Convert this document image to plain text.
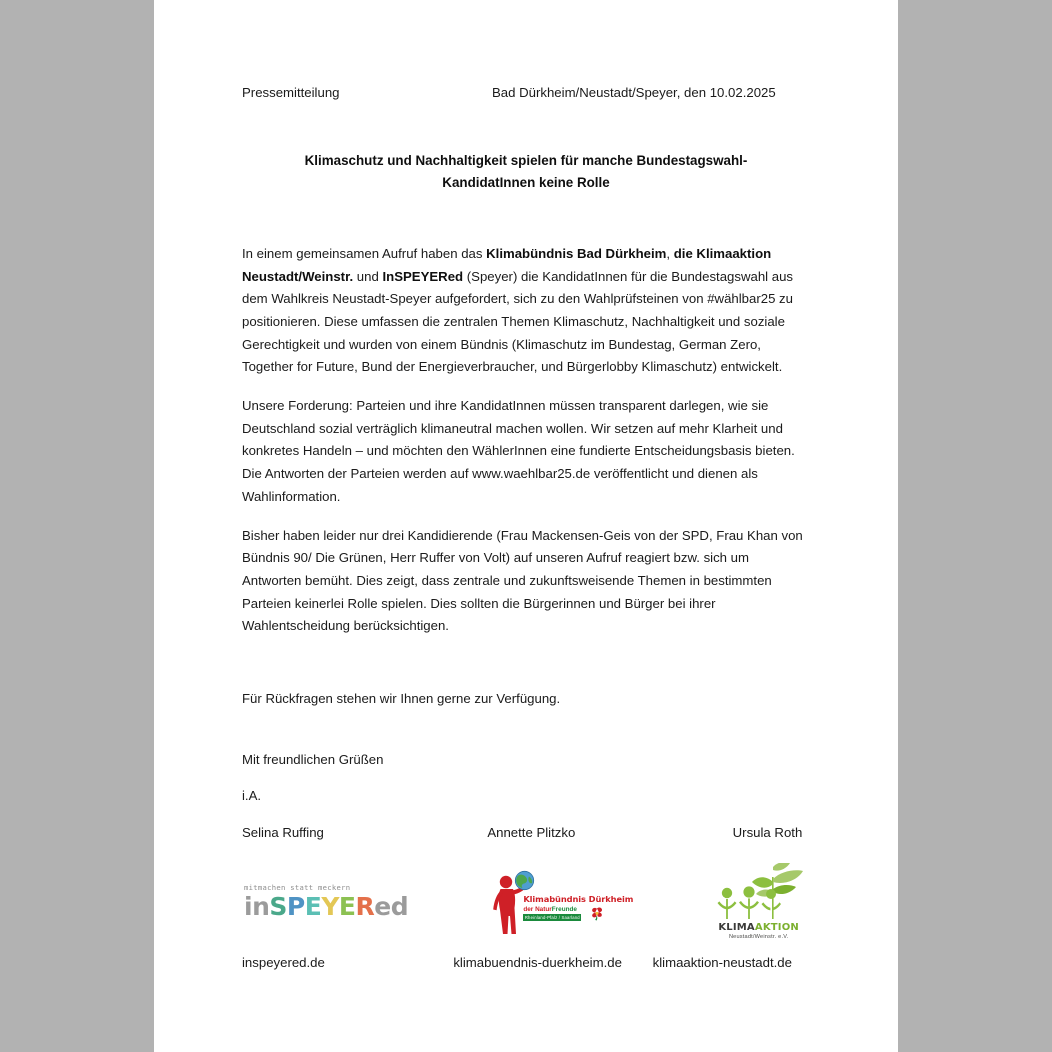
Pressemitteilung	Bad Dürkheim/Neustadt/Speyer, den 10.02.2025
Klimaschutz und Nachhaltigkeit spielen für manche Bundestagswahl-KandidatInnen keine Rolle
In einem gemeinsamen Aufruf haben das Klimabündnis Bad Dürkheim, die Klimaaktion Neustadt/Weinstr. und InSPEYERed (Speyer) die KandidatInnen für die Bundestagswahl aus dem Wahlkreis Neustadt-Speyer aufgefordert, sich zu den Wahlprüfsteinen von #wählbar25 zu positionieren. Diese umfassen die zentralen Themen Klimaschutz, Nachhaltigkeit und soziale Gerechtigkeit und wurden von einem Bündnis (Klimaschutz im Bundestag, German Zero, Together for Future, Bund der Energieverbraucher, und Bürgerlobby Klimaschutz) entwickelt.
Unsere Forderung: Parteien und ihre KandidatInnen müssen transparent darlegen, wie sie Deutschland sozial verträglich klimaneutral machen wollen. Wir setzen auf mehr Klarheit und konkretes Handeln – und möchten den WählerInnen eine fundierte Entscheidungsbasis bieten. Die Antworten der Parteien werden auf www.waehlbar25.de veröffentlicht und dienen als Wahlinformation.
Bisher haben leider nur drei Kandidierende (Frau Mackensen-Geis von der SPD, Frau Khan von Bündnis 90/ Die Grünen, Herr Ruffer von Volt) auf unseren Aufruf reagiert bzw. sich um Antworten bemüht. Dies zeigt, dass zentrale und zukunftsweisende Themen in bestimmten Parteien keinerlei Rolle spielen. Dies sollten die Bürgerinnen und Bürger bei ihrer Wahlentscheidung berücksichtigen.
Für Rückfragen stehen wir Ihnen gerne zur Verfügung.
Mit freundlichen Grüßen
i.A.
Selina Ruffing
mitmachen statt meckern
inSPEYERed
inspeyered.de
Annette Plitzko
Klimabündnis Dürkheim
der NaturFreunde
Rheinland-Pfalz / Saarland
klimabuendnis-duerkheim.de
Ursula Roth
KLIMAAKTION
Neustadt/Weinstr. e.V.
klimaaktion-neustadt.de
